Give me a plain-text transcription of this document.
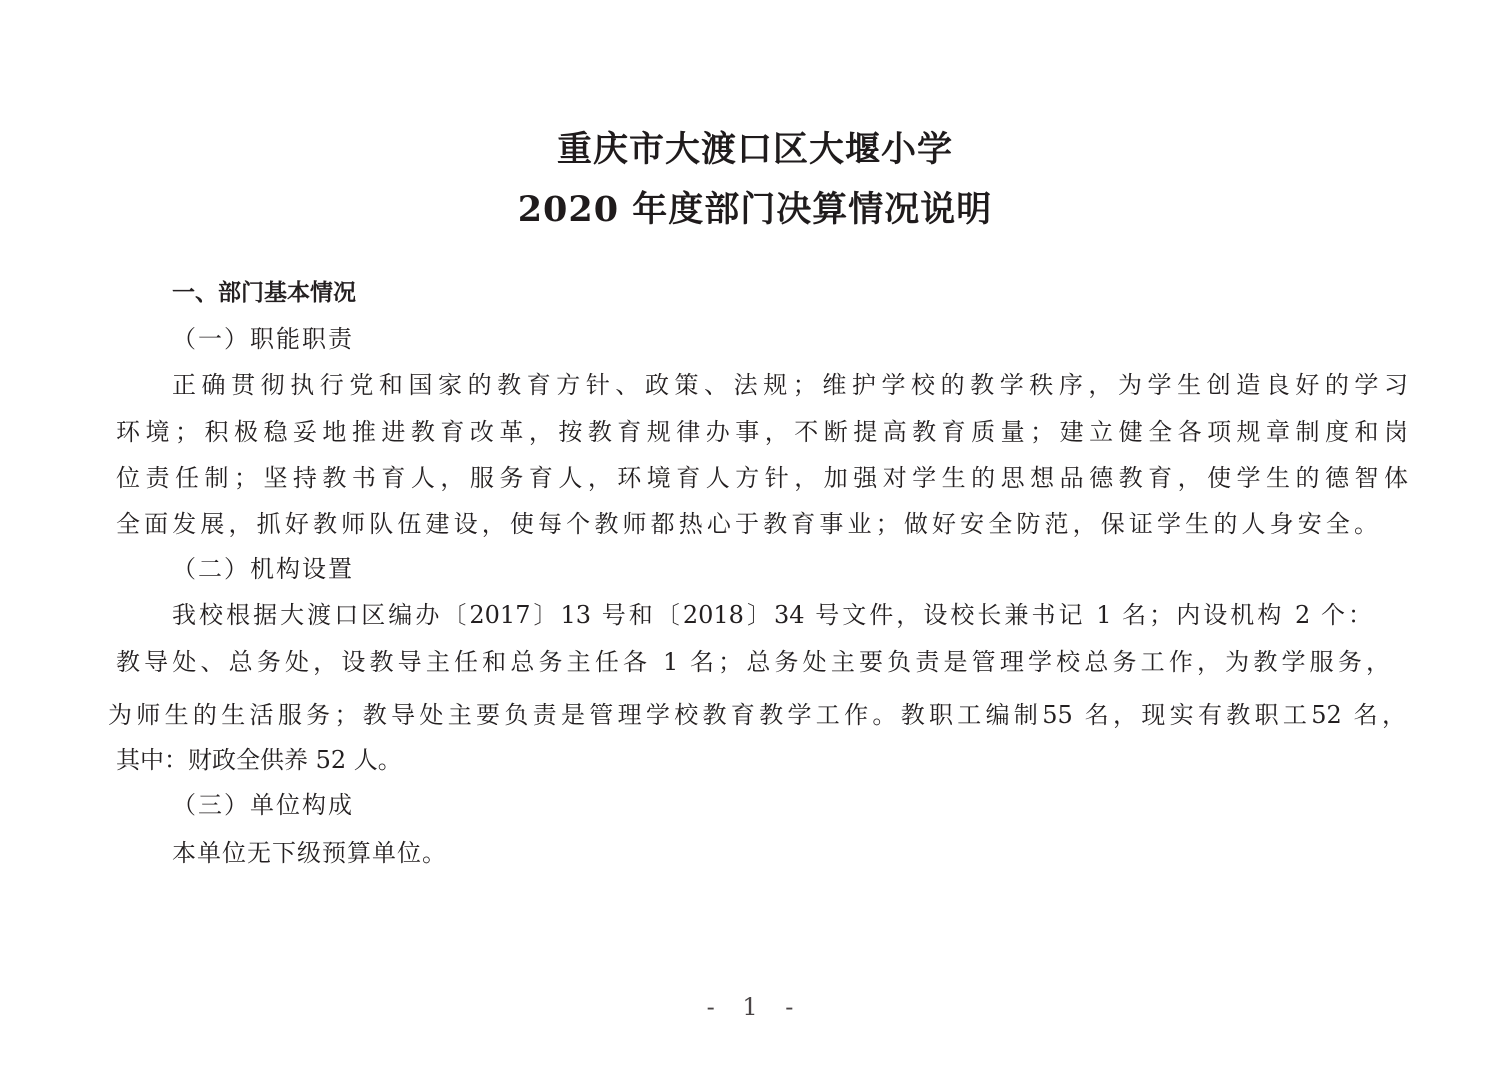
重庆市大渡口区大堰小学
2020 年度部门决算情况说明
一、部门基本情况
（一）职能职责
正确贯彻执行党和国家的教育方针、政策、法规；维护学校的教学秩序，为学生创造良好的学习
环境；积极稳妥地推进教育改革，按教育规律办事，不断提高教育质量；建立健全各项规章制度和岗
位责任制；坚持教书育人，服务育人，环境育人方针，加强对学生的思想品德教育，使学生的德智体
全面发展，抓好教师队伍建设，使每个教师都热心于教育事业；做好安全防范，保证学生的人身安全。
（二）机构设置
我校根据大渡口区编办〔2017〕13 号和〔2018〕34 号文件，设校长兼书记 1 名；内设机构 2 个：
教导处、总务处，设教导主任和总务主任各 1 名；总务处主要负责是管理学校总务工作，为教学服务，
为师生的生活服务；教导处主要负责是管理学校教育教学工作。教职工编制55 名，现实有教职工52 名，
其中：财政全供养 52 人。
（三）单位构成
本单位无下级预算单位。
- 1 -
